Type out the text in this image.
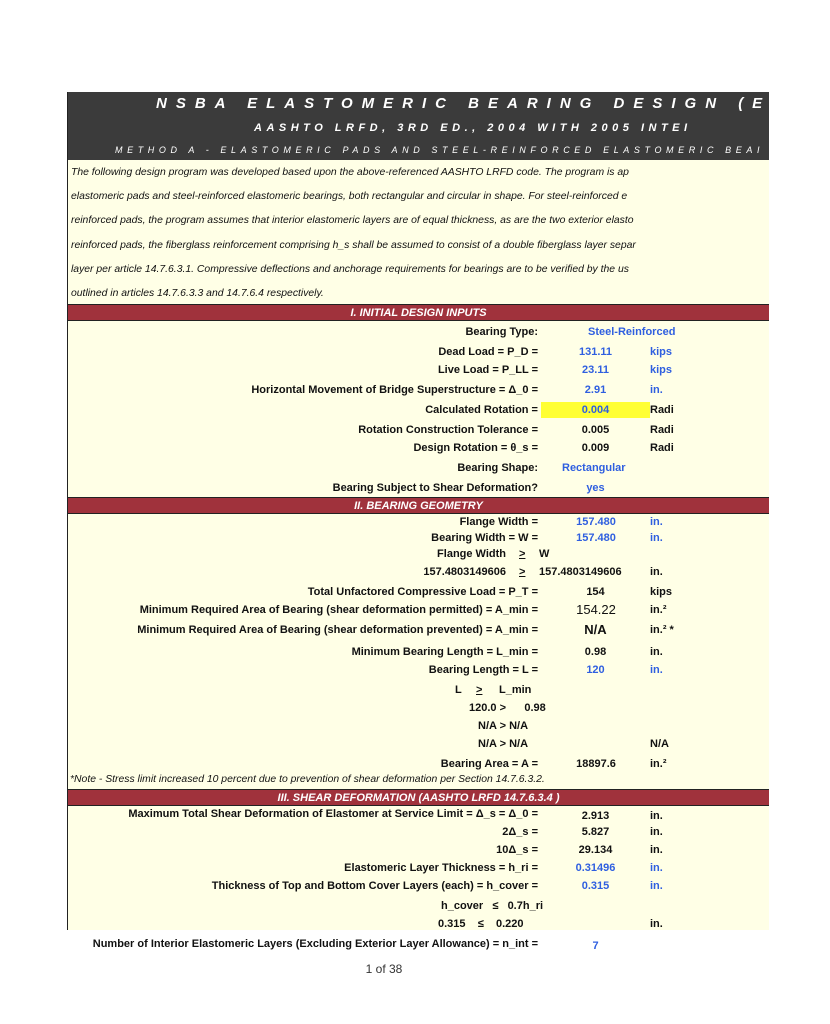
NSBA ELASTOMERIC BEARING DESIGN (ENGL
AASHTO LRFD, 3RD ED., 2004 WITH 2005 INTEI
METHOD A - ELASTOMERIC PADS AND STEEL-REINFORCED ELASTOMERIC BEAI
The following design program was developed based upon the above-referenced AASHTO LRFD code. The program is ap
elastomeric pads and steel-reinforced elastomeric bearings, both rectangular and circular in shape. For steel-reinforced e
reinforced pads, the program assumes that interior elastomeric layers are of equal thickness, as are the two exterior elasto
reinforced pads, the fiberglass reinforcement comprising h_s shall be assumed to consist of a double fiberglass layer separ
layer per article 14.7.6.3.1. Compressive deflections and anchorage requirements for bearings are to be verified by the us
outlined in articles 14.7.6.3.3 and 14.7.6.4 respectively.
I. INITIAL DESIGN INPUTS
Bearing Type:	Steel-Reinforced
Dead Load = P_D =	131.11	kips
Live Load = P_LL =	23.11	kips
Horizontal Movement of Bridge Superstructure = Δ_0 =	2.91	in.
Calculated Rotation =	0.004	Radi
Rotation Construction Tolerance =	0.005	Radi
Design Rotation = θ_s =	0.009	Radi
Bearing Shape: Rectangular
Bearing Subject to Shear Deformation?	yes
II. BEARING GEOMETRY
Flange Width =	157.480	in.
Bearing Width = W =	157.480	in.
Flange Width > W
157.4803149606 > 157.4803149606	in.
Total Unfactored Compressive Load = P_T =	154	kips
Minimum Required Area of Bearing (shear deformation permitted) = A_min =	154.22	in.²
Minimum Required Area of Bearing (shear deformation prevented) = A_min =	N/A	in.² *
Minimum Bearing Length = L_min =	0.98	in.
Bearing Length = L =	120	in.
L > L_min
120.0 >      0.98
N/A > N/A
N/A > N/A	N/A
Bearing Area = A =	18897.6	in.²
*Note - Stress limit increased 10 percent due to prevention of shear deformation per Section 14.7.6.3.2.
III. SHEAR DEFORMATION (AASHTO LRFD 14.7.6.3.4 )
Maximum Total Shear Deformation of Elastomer at Service Limit = Δ_s = Δ_0 =	2.913	in.
2Δ_s =	5.827	in.
10Δ_s =	29.134	in.
Elastomeric Layer Thickness = h_ri =	0.31496	in.
Thickness of Top and Bottom Cover Layers (each) = h_cover =	0.315	in.
h_cover   ≤   0.7h_ri
0.315    ≤    0.220	in.
Number of Interior Elastomeric Layers (Excluding Exterior Layer Allowance) = n_int =	7
1 of 38
